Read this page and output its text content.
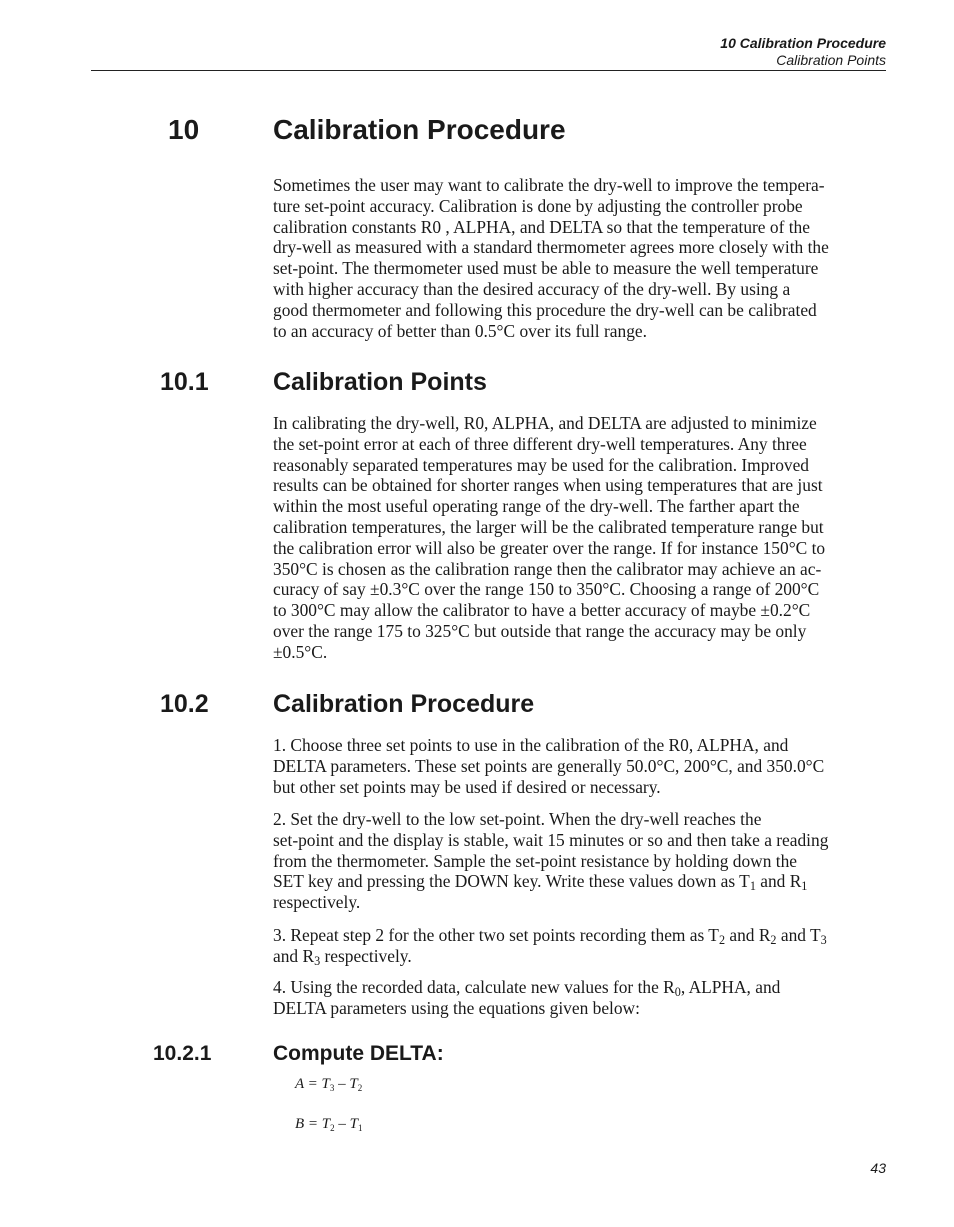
10 Calibration Procedure
Calibration Points
10	Calibration Procedure

Sometimes the user may want to calibrate the dry-well to improve the tempera-

ture set-point accuracy. Calibration is done by adjusting the controller probe

calibration constants R0 , ALPHA, and DELTA so that the temperature of the

dry-well as measured with a standard thermometer agrees more closely with the

set-point. The thermometer used must be able to measure the well temperature

with higher accuracy than the desired accuracy of the dry-well. By using a

good thermometer and following this procedure the dry-well can be calibrated

to an accuracy of better than 0.5°C over its full range.

10.1	Calibration Points

In calibrating the dry-well, R0, ALPHA, and DELTA are adjusted to minimize

the set-point error at each of three different dry-well temperatures. Any three

reasonably separated temperatures may be used for the calibration. Improved

results can be obtained for shorter ranges when using temperatures that are just

within the most useful operating range of the dry-well. The farther apart the

calibration temperatures, the larger will be the calibrated temperature range but

the calibration error will also be greater over the range. If for instance 150°C to

350°C is chosen as the calibration range then the calibrator may achieve an ac-

curacy of say ±0.3°C over the range 150 to 350°C. Choosing a range of 200°C

to 300°C may allow the calibrator to have a better accuracy of maybe ±0.2°C

over the range 175 to 325°C but outside that range the accuracy may be only

±0.5°C.

10.2	Calibration Procedure

1. Choose three set points to use in the calibration of the R0, ALPHA, and

DELTA parameters. These set points are generally 50.0°C, 200°C, and 350.0°C

but other set points may be used if desired or necessary.

2. Set the dry-well to the low set-point. When the dry-well reaches the

set-point and the display is stable, wait 15 minutes or so and then take a reading

from the thermometer. Sample the set-point resistance by holding down the

SET key and pressing the DOWN key. Write these values down as $T_1$ and $R_1$

respectively.

3. Repeat step 2 for the other two set points recording them as $T_2$ and $R_2$ and $T_3$

and $R_3$ respectively.

4. Using the recorded data, calculate new values for the $R_0$, ALPHA, and

DELTA parameters using the equations given below:

10.2.1	Compute DELTA:
$A = T_3 - T_2$
$B = T_2 - T_1$
43
